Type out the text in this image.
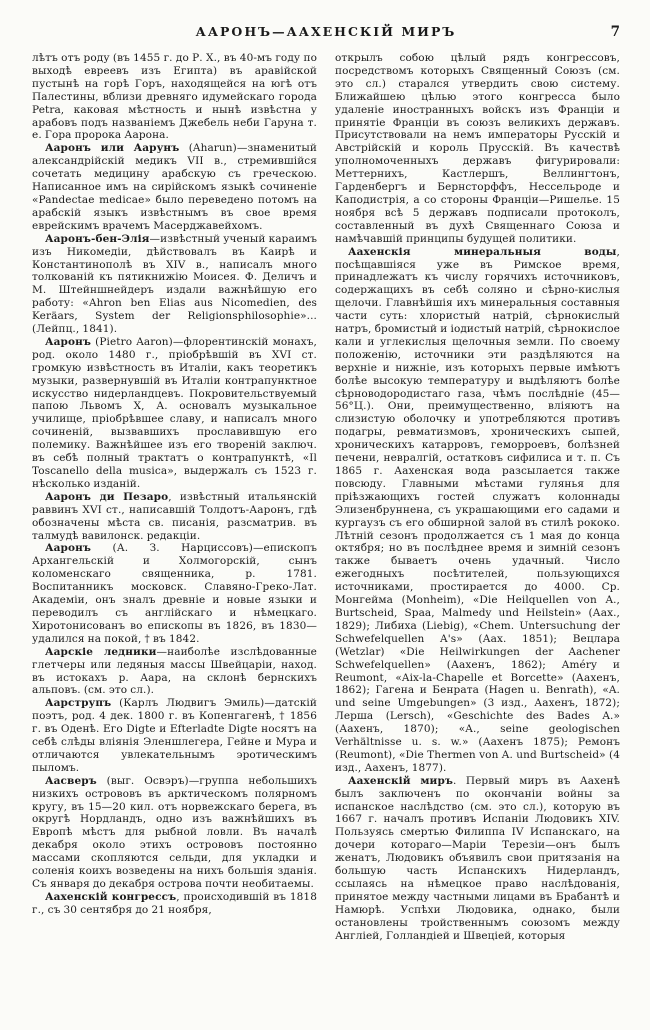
ААРОНЪ—ААХЕНСКІЙ МИРЪ	7

лѣтъ отъ роду (въ 1455 г. до Р. Х., въ 40-мъ году по выходѣ евреевъ изъ Египта) въ аравійской пустынѣ на горѣ Горъ, находящейся на югѣ отъ Палестины, вблизи древняго идумейскаго города Petra, каковая мѣстность и нынѣ извѣстна у арабовъ подъ названіемъ Джебель неби Гаруна т. е. Гора пророка Аарона.

Ааронъ или Аарунъ (Aharun)—знаменитый александрійскій медикъ VII в., стремившійся сочетать медицину арабскую съ греческою. Написанное имъ на сирійскомъ языкѣ сочиненіе «Pandectae medicae» было переведено потомъ на арабскій языкъ извѣстнымъ въ свое время еврейскимъ врачемъ Масерджавейхомъ.

Ааронъ-бен-Элія—извѣстный ученый караимъ изъ Никомедіи, дѣйствовалъ въ Каирѣ и Константинополѣ въ XIV в., написалъ много толкованій къ пятикнижію Моисея. Ф. Деличъ и М. Штейншнейдеръ издали важнѣйшую его работу: «Ahron ben Elias aus Nicomedien, des Keräars, System der Religionsphilosophie»... (Лейпц., 1841).

Ааронъ (Pietro Aaron)—флорентинскій монахъ, род. около 1480 г., пріобрѣвшій въ XVI ст. громкую извѣстность въ Италіи, какъ теоретикъ музыки, развернувшій въ Италіи контрапунктное искусство нидерландцевъ. Покровительствуемый папою Львомъ X, А. основалъ музыкальное училище, пріобрѣвшее славу, и написалъ много сочиненій, вызвавшихъ прославившую его полемику. Важнѣйшее изъ его твореній заключ. въ себѣ полный трактатъ о контрапунктѣ, «Il Toscanello della musica», выдержалъ съ 1523 г. нѣсколько изданій.

Ааронъ ди Пезаро, извѣстный итальянскій раввинъ XVI ст., написавшій Толдотъ-Ааронъ, гдѣ обозначены мѣста св. писанія, разсматрив. въ талмудѣ вавилонск. редакціи.

Ааронъ (А. З. Нарциссовъ)—епископъ Архангельскій и Холмогорскій, сынъ коломенскаго священника, р. 1781. Воспитанникъ московск. Славяно-Греко-Лат. Академіи, онъ зналъ древніе и новые языки и переводилъ съ англійскаго и нѣмецкаго. Хиротонисованъ во епископы въ 1826, въ 1830—удалился на покой, † въ 1842.

Аарскіе ледники—наиболѣе изслѣдованные глетчеры или ледяныя массы Швейцаріи, наход. въ истокахъ р. Аара, на склонѣ бернскихъ альповъ. (см. это сл.).

Аарструпъ (Карлъ Людвигъ Эмиль)—датскій поэтъ, род. 4 дек. 1800 г. въ Копенгагенѣ, † 1856 г. въ Оденѣ. Его Digte и Efterladte Digte носятъ на себѣ слѣды вліянія Эленшлегера, Гейне и Мура и отличаются увлекательнымъ эротическимъ пыломъ.

Аасверъ (выг. Освэръ)—группа небольшихъ низкихъ острововъ въ арктическомъ полярномъ кругу, въ 15—20 кил. отъ норвежскаго берега, въ округѣ Нордландъ, одно изъ важнѣйшихъ въ Европѣ мѣстъ для рыбной ловли. Въ началѣ декабря около этихъ острововъ постоянно массами скопляются сельди, для укладки и соленія коихъ возведены на нихъ большія зданія. Съ января до декабря острова почти необитаемы.

Аахенскій конгрессъ, происходившій въ 1818 г., съ 30 сентября до 21 ноября,

открылъ собою цѣлый рядъ конгрессовъ, посредствомъ которыхъ Священный Союзъ (см. это сл.) старался утвердить свою систему. Ближайшею цѣлью этого конгресса было удаленіе иностранныхъ войскъ изъ Франціи и принятіе Франціи въ союзъ великихъ державъ. Присутствовали на немъ императоры Русскій и Австрійскій и король Прусскій. Въ качествѣ уполномоченныхъ державъ фигурировали: Меттернихъ, Кастлершъ, Веллингтонъ, Гарденбергъ и Бернсторффъ, Нессельроде и Каподистрія, а со стороны Франціи—Ришелье. 15 ноября всѣ 5 державъ подписали протоколъ, составленный въ духѣ Священнаго Союза и намѣчавшій принципы будущей политики.

Аахенскія минеральныя воды, посѣщавшіяся уже въ Римское время, принадлежатъ къ числу горячихъ источниковъ, содержащихъ въ себѣ соляно и сѣрно-кислыя щелочи. Главнѣйшія ихъ минеральныя составныя части суть: хлористый натрій, сѣрнокислый натръ, бромистый и іодистый натрій, сѣрнокислое кали и углекислыя щелочныя земли. По своему положенію, источники эти раздѣляются на верхніе и нижніе, изъ которыхъ первые имѣютъ болѣе высокую температуру и выдѣляютъ болѣе сѣрноводородистаго газа, чѣмъ послѣдніе (45—56°Ц.). Они, преимущественно, вліяютъ на слизистую оболочку и употребляются противъ подагры, ревматизмовъ, хроническихъ сыпей, хроническихъ катарровъ, геморроевъ, болѣзней печени, невралгій, остатковъ сифилиса и т. п. Съ 1865 г. Аахенская вода разсылается также повсюду. Главными мѣстами гулянья для пріѣзжающихъ гостей служатъ колоннады Элизенбруннена, съ украшающими его садами и кургаузъ съ его обширной залой въ стилѣ рококо. Лѣтній сезонъ продолжается съ 1 мая до конца октября; но въ послѣднее время и зимній сезонъ также бываетъ очень удачный. Число ежегодныхъ посѣтителей, пользующихся источниками, простирается до 4000. Ср. Монгейма (Monheim), «Die Heilquellen von A., Burtscheid, Spaa, Malmedy und Heilstein» (Аах., 1829); Либиха (Liebig), «Chem. Untersuchung der Schwefelquellen A's» (Аах. 1851); Вецлара (Wetzlar) «Die Heilwirkungen der Aachener Schwefelquellen» (Аахенъ, 1862); Améry и Reumont, «Aix-la-Chapelle et Borcette» (Аахенъ, 1862); Гагена и Бенрата (Hagen u. Benrath), «A. und seine Umgebungen» (3 изд., Аахенъ, 1872); Лерша (Lersch), «Geschichte des Bades A.» (Аахенъ, 1870); «A., seine geologischen Verhältnisse u. s. w.» (Аахенъ 1875); Ремонъ (Reumont), «Die Thermen von A. und Burtscheid» (4 изд., Аахенъ, 1877).

Аахенскій миръ. Первый миръ въ Аахенѣ былъ заключенъ по окончаніи войны за испанское наслѣдство (см. это сл.), которую въ 1667 г. началъ противъ Испаніи Людовикъ XIV. Пользуясь смертью Филиппа IV Испанскаго, на дочери котораго—Маріи Терезіи—онъ былъ женатъ, Людовикъ объявилъ свои притязанія на большую часть Испанскихъ Нидерландъ, ссылаясь на нѣмецкое право наслѣдованія, принятое между частными лицами въ Брабантѣ и Намюрѣ. Успѣхи Людовика, однако, были остановлены тройственнымъ союзомъ между Англіей, Голландіей и Швеціей, которыя
